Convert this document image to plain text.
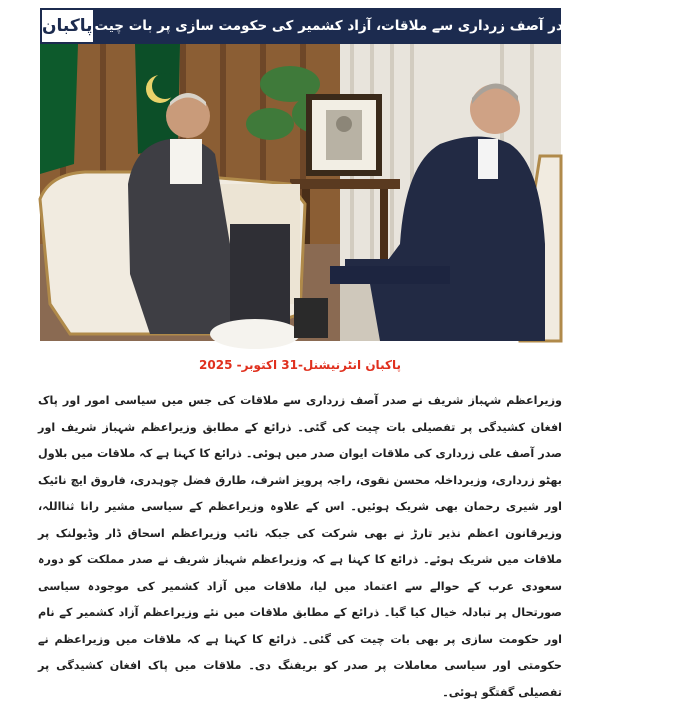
پاکبان وزیراعظم کی صدر آصف زرداری سے ملاقات، آزاد کشمیر کی حکومت سازی پر بات چیت
پاکبان انٹرنیشنل-31 اکتوبر- 2025
وزیراعظم شہباز شریف نے صدر آصف زرداری سے ملاقات کی جس میں سیاسی امور اور پاک افغان کشیدگی پر تفصیلی بات چیت کی گئی۔ ذرائع کے مطابق وزیراعظم شہباز شریف اور صدر آصف علی زرداری کی ملاقات ایوان صدر میں ہوئی۔ ذرائع کا کہنا ہے کہ ملاقات میں بلاول بھٹو زرداری، وزیرداخلہ محسن نقوی، راجہ پرویز اشرف، طارق فضل چوہدری، فاروق ایچ نائیک اور شیری رحمان بھی شریک ہوئیں۔ اس کے علاوہ وزیراعظم کے سیاسی مشیر رانا ثنااللہ، وزیرقانون اعظم نذیر تارڑ نے بھی شرکت کی جبکہ نائب وزیراعظم اسحاق ڈار وڈیولنک پر ملاقات میں شریک ہوئے۔ ذرائع کا کہنا ہے کہ وزیراعظم شہباز شریف نے صدر مملکت کو دورہ سعودی عرب کے حوالے سے اعتماد میں لیا، ملاقات میں آزاد کشمیر کی موجودہ سیاسی صورتحال پر تبادلہ خیال کیا گیا۔ ذرائع کے مطابق ملاقات میں نئے وزیراعظم آزاد کشمیر کے نام اور حکومت سازی پر بھی بات چیت کی گئی۔ ذرائع کا کہنا ہے کہ ملاقات میں وزیراعظم نے حکومتی اور سیاسی معاملات پر صدر کو بریفنگ دی۔ ملاقات میں پاک افغان کشیدگی پر تفصیلی گفتگو ہوئی۔
